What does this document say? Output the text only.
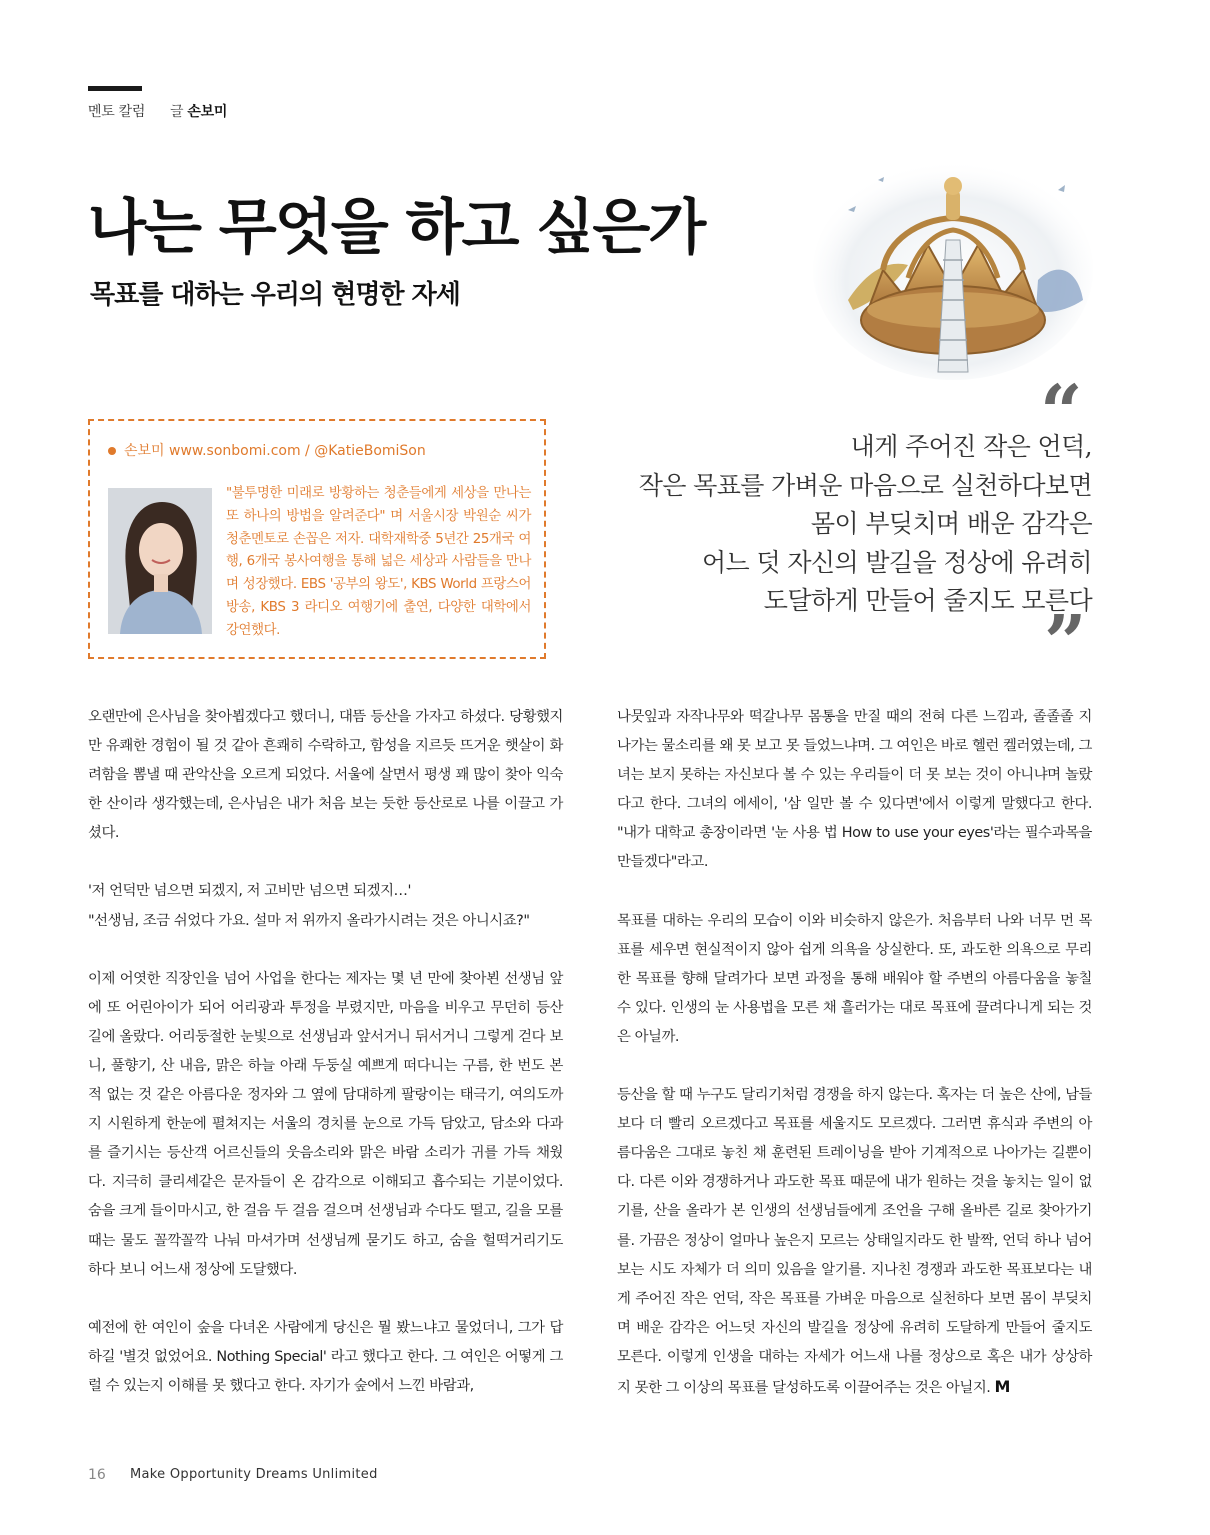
멘토 칼럼 글 손보미
나는 무엇을 하고 싶은가
목표를 대하는 우리의 현명한 자세
손보미 www.sonbomi.com / @KatieBomiSon
"불투명한 미래로 방황하는 청춘들에게 세상을 만나는 또 하나의 방법을 알려준다" 며 서울시장 박원순 씨가 청춘멘토로 손꼽은 저자. 대학재학중 5년간 25개국 여행, 6개국 봉사여행을 통해 넓은 세상과 사람들을 만나며 성장했다. EBS '공부의 왕도', KBS World 프랑스어 방송, KBS 3 라디오 여행기에 출연, 다양한 대학에서 강연했다.
“
내게 주어진 작은 언덕,
작은 목표를 가벼운 마음으로 실천하다보면
몸이 부딪치며 배운 감각은
어느 덧 자신의 발길을 정상에 유려히
도달하게 만들어 줄지도 모른다
”

오랜만에 은사님을 찾아뵙겠다고 했더니, 대뜸 등산을 가자고 하셨다. 당황했지만 유쾌한 경험이 될 것 같아 흔쾌히 수락하고, 함성을 지르듯 뜨거운 햇살이 화려함을 뽐낼 때 관악산을 오르게 되었다. 서울에 살면서 평생 꽤 많이 찾아 익숙한 산이라 생각했는데, 은사님은 내가 처음 보는 듯한 등산로로 나를 이끌고 가셨다.

'저 언덕만 넘으면 되겠지, 저 고비만 넘으면 되겠지…'

"선생님, 조금 쉬었다 가요. 설마 저 위까지 올라가시려는 것은 아니시죠?"

이제 어엿한 직장인을 넘어 사업을 한다는 제자는 몇 년 만에 찾아뵌 선생님 앞에 또 어린아이가 되어 어리광과 투정을 부렸지만, 마음을 비우고 무던히 등산길에 올랐다. 어리둥절한 눈빛으로 선생님과 앞서거니 뒤서거니 그렇게 걷다 보니, 풀향기, 산 내음, 맑은 하늘 아래 두둥실 예쁘게 떠다니는 구름, 한 번도 본 적 없는 것 같은 아름다운 정자와 그 옆에 담대하게 팔랑이는 태극기, 여의도까지 시원하게 한눈에 펼쳐지는 서울의 경치를 눈으로 가득 담았고, 담소와 다과를 즐기시는 등산객 어르신들의 웃음소리와 맑은 바람 소리가 귀를 가득 채웠다. 지극히 클리셰같은 문자들이 온 감각으로 이해되고 흡수되는 기분이었다. 숨을 크게 들이마시고, 한 걸음 두 걸음 걸으며 선생님과 수다도 떨고, 길을 모를 때는 물도 꼴깍꼴깍 나눠 마셔가며 선생님께 묻기도 하고, 숨을 헐떡거리기도 하다 보니 어느새 정상에 도달했다.

예전에 한 여인이 숲을 다녀온 사람에게 당신은 뭘 봤느냐고 물었더니, 그가 답하길 '별것 없었어요. Nothing Special' 라고 했다고 한다. 그 여인은 어떻게 그럴 수 있는지 이해를 못 했다고 한다. 자기가 숲에서 느낀 바람과,

나뭇잎과 자작나무와 떡갈나무 몸통을 만질 때의 전혀 다른 느낌과, 졸졸졸 지나가는 물소리를 왜 못 보고 못 들었느냐며. 그 여인은 바로 헬런 켈러였는데, 그녀는 보지 못하는 자신보다 볼 수 있는 우리들이 더 못 보는 것이 아니냐며 놀랐다고 한다. 그녀의 에세이, '삼 일만 볼 수 있다면'에서 이렇게 말했다고 한다. "내가 대학교 총장이라면 '눈 사용 법 How to use your eyes'라는 필수과목을 만들겠다"라고.

목표를 대하는 우리의 모습이 이와 비슷하지 않은가. 처음부터 나와 너무 먼 목표를 세우면 현실적이지 않아 쉽게 의욕을 상실한다. 또, 과도한 의욕으로 무리한 목표를 향해 달려가다 보면 과정을 통해 배워야 할 주변의 아름다움을 놓칠 수 있다. 인생의 눈 사용법을 모른 채 흘러가는 대로 목표에 끌려다니게 되는 것은 아닐까.

등산을 할 때 누구도 달리기처럼 경쟁을 하지 않는다. 혹자는 더 높은 산에, 남들보다 더 빨리 오르겠다고 목표를 세울지도 모르겠다. 그러면 휴식과 주변의 아름다움은 그대로 놓친 채 훈련된 트레이닝을 받아 기계적으로 나아가는 길뿐이다. 다른 이와 경쟁하거나 과도한 목표 때문에 내가 원하는 것을 놓치는 일이 없기를, 산을 올라가 본 인생의 선생님들에게 조언을 구해 올바른 길로 찾아가기를. 가끔은 정상이 얼마나 높은지 모르는 상태일지라도 한 발짝, 언덕 하나 넘어보는 시도 자체가 더 의미 있음을 알기를. 지나친 경쟁과 과도한 목표보다는 내게 주어진 작은 언덕, 작은 목표를 가벼운 마음으로 실천하다 보면 몸이 부딪치며 배운 감각은 어느덧 자신의 발길을 정상에 유려히 도달하게 만들어 줄지도 모른다. 이렇게 인생을 대하는 자세가 어느새 나를 정상으로 혹은 내가 상상하지 못한 그 이상의 목표를 달성하도록 이끌어주는 것은 아닐지. M

16 Make Opportunity Dreams Unlimited
